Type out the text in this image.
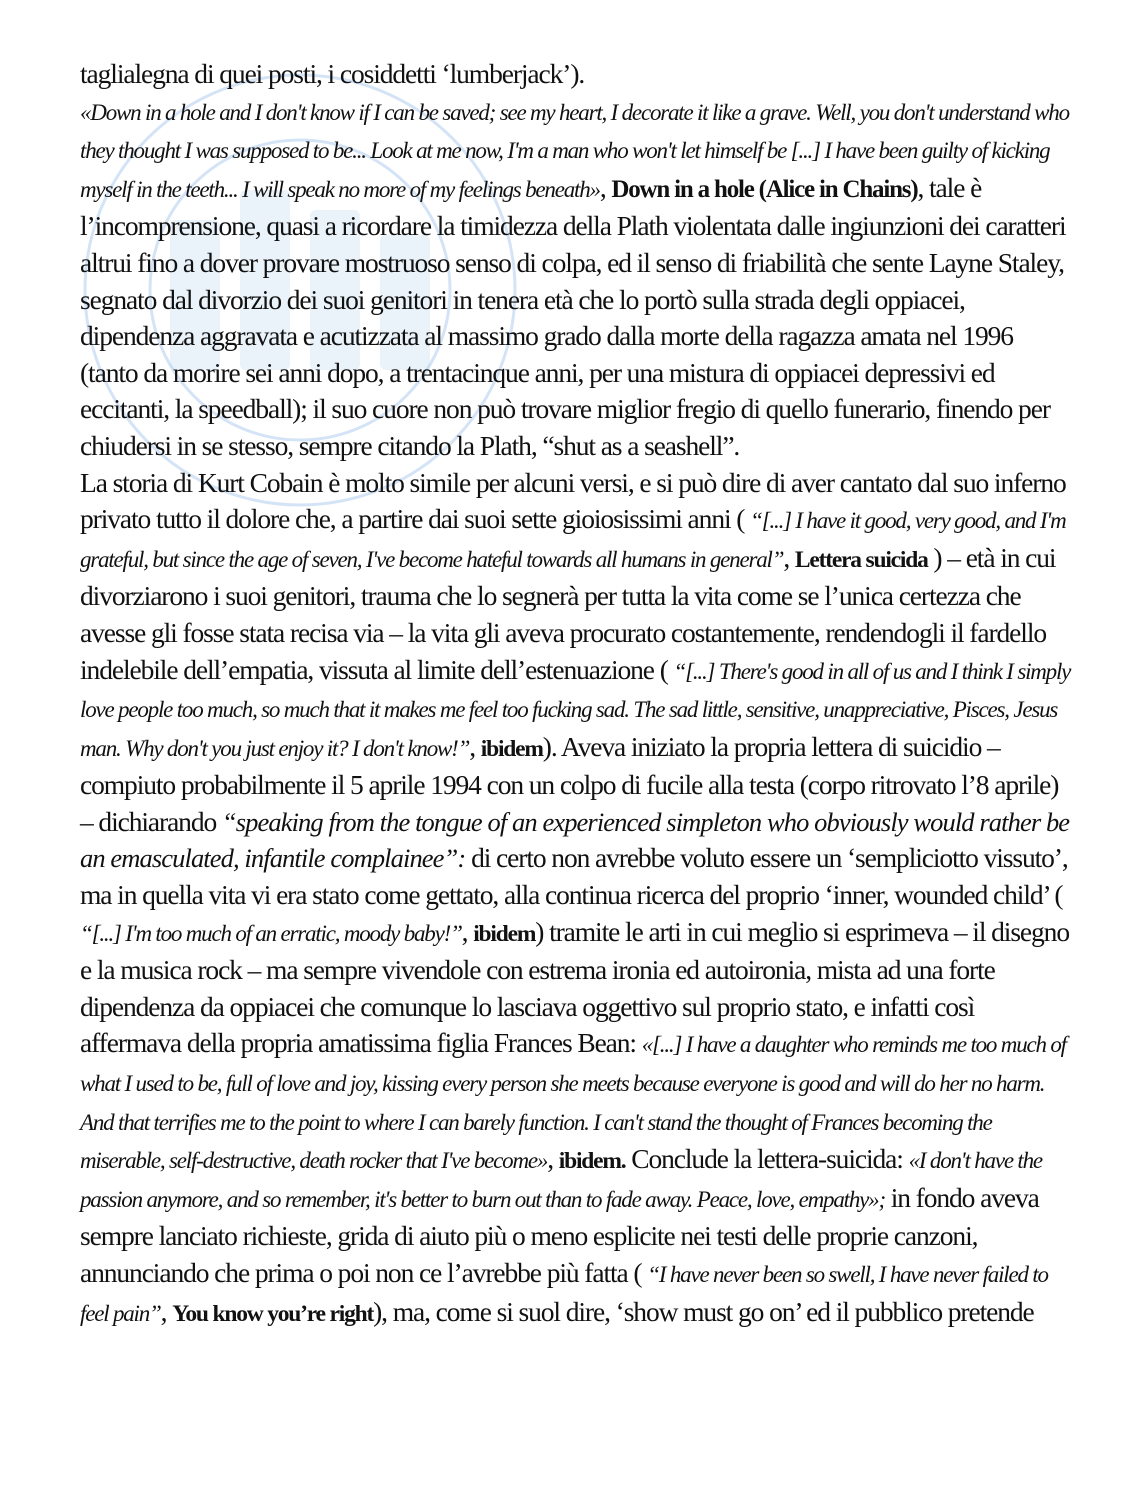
taglialegna di quei posti, i cosiddetti ‘lumberjack’).
«Down in a hole and I don't know if I can be saved; see my heart, I decorate it like a grave. Well, you don't understand who they thought I was supposed to be... Look at me now, I'm a man who won't let himself be [...] I have been guilty of kicking myself in the teeth... I will speak no more of my feelings beneath», Down in a hole (Alice in Chains), tale è l’incomprensione, quasi a ricordare la timidezza della Plath violentata dalle ingiunzioni dei caratteri altrui fino a dover provare mostruoso senso di colpa, ed il senso di friabilità che sente Layne Staley, segnato dal divorzio dei suoi genitori in tenera età che lo portò sulla strada degli oppiacei, dipendenza aggravata e acutizzata al massimo grado dalla morte della ragazza amata nel 1996 (tanto da morire sei anni dopo, a trentacinque anni, per una mistura di oppiacei depressivi ed eccitanti, la speedball); il suo cuore non può trovare miglior fregio di quello funerario, finendo per chiudersi in se stesso, sempre citando la Plath, “shut as a seashell”.

La storia di Kurt Cobain è molto simile per alcuni versi, e si può dire di aver cantato dal suo inferno privato tutto il dolore che, a partire dai suoi sette gioiosissimi anni ( “[...] I have it good, very good, and I'm grateful, but since the age of seven, I've become hateful towards all humans in general”, Lettera suicida ) – età in cui divorziarono i suoi genitori, trauma che lo segnerà per tutta la vita come se l’unica certezza che avesse gli fosse stata recisa via – la vita gli aveva procurato costantemente, rendendogli il fardello indelebile dell’empatia, vissuta al limite dell’estenuazione ( “[...] There's good in all of us and I think I simply love people too much, so much that it makes me feel too fucking sad. The sad little, sensitive, unappreciative, Pisces, Jesus man. Why don't you just enjoy it? I don't know!”, ibidem). Aveva iniziato la propria lettera di suicidio – compiuto probabilmente il 5 aprile 1994 con un colpo di fucile alla testa (corpo ritrovato l’8 aprile) – dichiarando “speaking from the tongue of an experienced simpleton who obviously would rather be an emasculated, infantile complainee”: di certo non avrebbe voluto essere un ‘sempliciotto vissuto’, ma in quella vita vi era stato come gettato, alla continua ricerca del proprio ‘inner, wounded child’ ( “[...] I'm too much of an erratic, moody baby!”, ibidem) tramite le arti in cui meglio si esprimeva – il disegno e la musica rock – ma sempre vivendole con estrema ironia ed autoironia, mista ad una forte dipendenza da oppiacei che comunque lo lasciava oggettivo sul proprio stato, e infatti così affermava della propria amatissima figlia Frances Bean: «[...] I have a daughter who reminds me too much of what I used to be, full of love and joy, kissing every person she meets because everyone is good and will do her no harm. And that terrifies me to the point to where I can barely function. I can't stand the thought of Frances becoming the miserable, self-destructive, death rocker that I've become», ibidem. Conclude la lettera-suicida: «I don't have the passion anymore, and so remember, it's better to burn out than to fade away. Peace, love, empathy»; in fondo aveva sempre lanciato richieste, grida di aiuto più o meno esplicite nei testi delle proprie canzoni, annunciando che prima o poi non ce l’avrebbe più fatta ( “I have never been so swell, I have never failed to feel pain”, You know you’re right), ma, come si suol dire, ‘show must go on’ ed il pubblico pretende
